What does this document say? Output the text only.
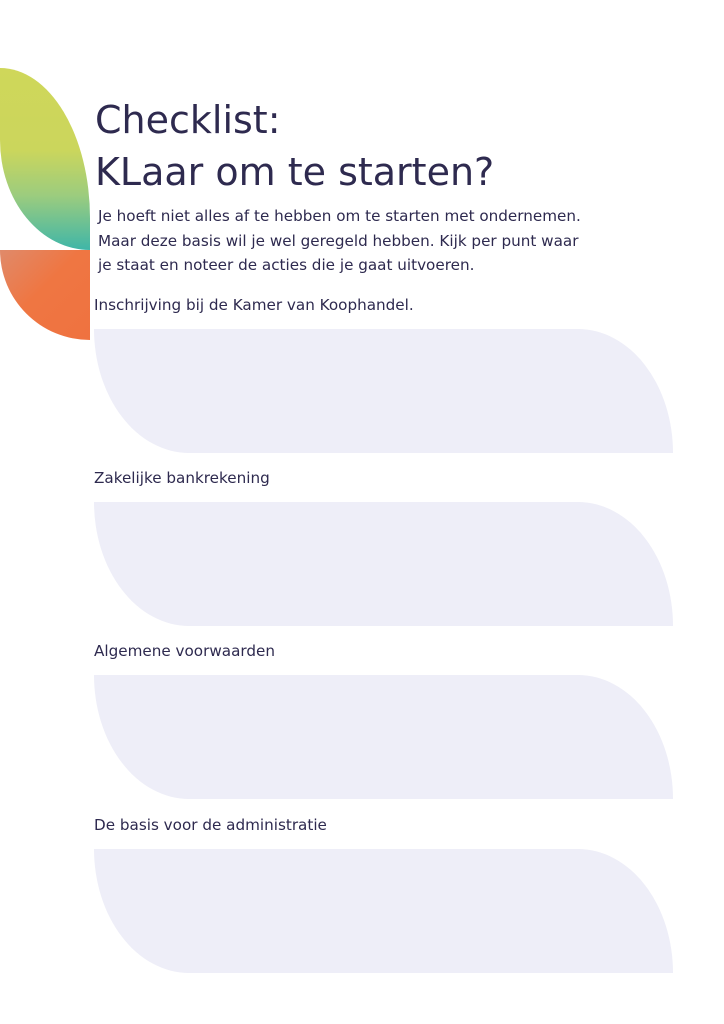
Checklist:
KLaar om te starten?

Je hoeft niet alles af te hebben om te starten met ondernemen.
Maar deze basis wil je wel geregeld hebben. Kijk per punt waar
je staat en noteer de acties die je gaat uitvoeren.

Inschrijving bij de Kamer van Koophandel.
Zakelijke bankrekening
Algemene voorwaarden
De basis voor de administratie
